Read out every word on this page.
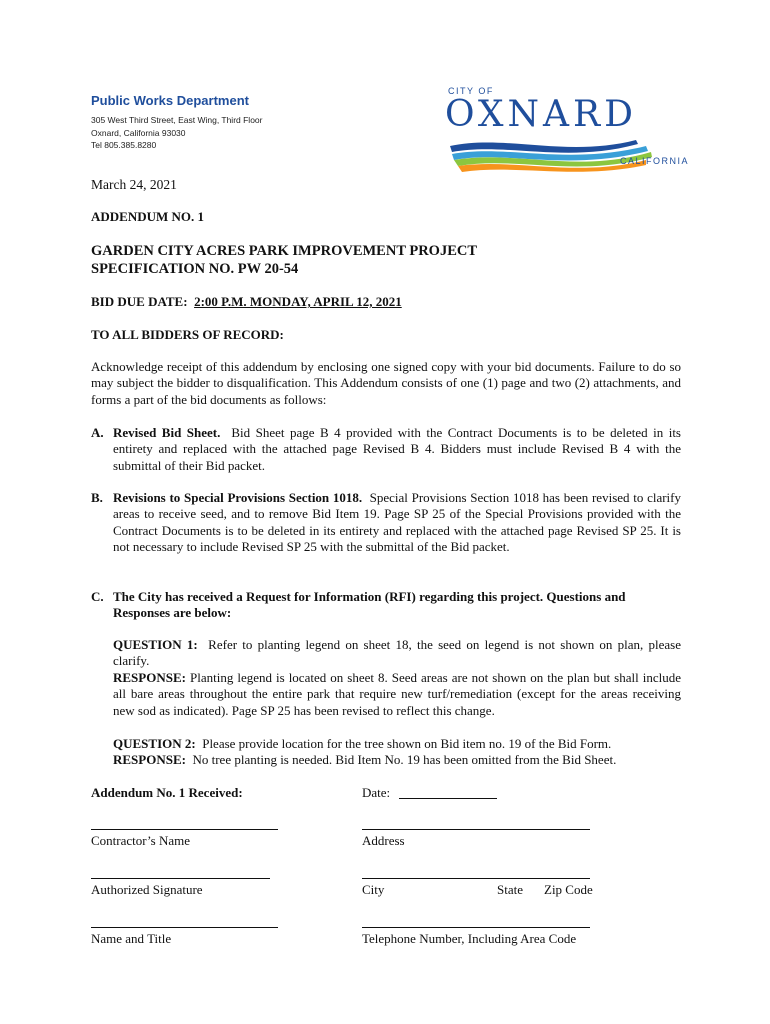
Public Works Department
305 West Third Street, East Wing, Third Floor
Oxnard, California 93030
Tel 805.385.8280
CITY OF
OXNARD
CALIFORNIA
March 24, 2021
ADDENDUM NO. 1
GARDEN CITY ACRES PARK IMPROVEMENT PROJECT
SPECIFICATION NO. PW 20-54
BID DUE DATE: 2:00 P.M. MONDAY, APRIL 12, 2021
TO ALL BIDDERS OF RECORD:
Acknowledge receipt of this addendum by enclosing one signed copy with your bid documents. Failure to do so may subject the bidder to disqualification. This Addendum consists of one (1) page and two (2) attachments, and forms a part of the bid documents as follows:
A. Revised Bid Sheet. Bid Sheet page B 4 provided with the Contract Documents is to be deleted in its entirety and replaced with the attached page Revised B 4. Bidders must include Revised B 4 with the submittal of their Bid packet.
B. Revisions to Special Provisions Section 1018. Special Provisions Section 1018 has been revised to clarify areas to receive seed, and to remove Bid Item 19. Page SP 25 of the Special Provisions provided with the Contract Documents is to be deleted in its entirety and replaced with the attached page Revised SP 25. It is not necessary to include Revised SP 25 with the submittal of the Bid packet.
C. The City has received a Request for Information (RFI) regarding this project. Questions and Responses are below:
QUESTION 1: Refer to planting legend on sheet 18, the seed on legend is not shown on plan, please clarify.
RESPONSE: Planting legend is located on sheet 8. Seed areas are not shown on the plan but shall include all bare areas throughout the entire park that require new turf/remediation (except for the areas receiving new sod as indicated). Page SP 25 has been revised to reflect this change.
QUESTION 2: Please provide location for the tree shown on Bid item no. 19 of the Bid Form.
RESPONSE: No tree planting is needed. Bid Item No. 19 has been omitted from the Bid Sheet.
Addendum No. 1 Received:	Date:
Contractor’s Name	Address
Authorized Signature	City	State Zip Code
Name and Title	Telephone Number, Including Area Code
